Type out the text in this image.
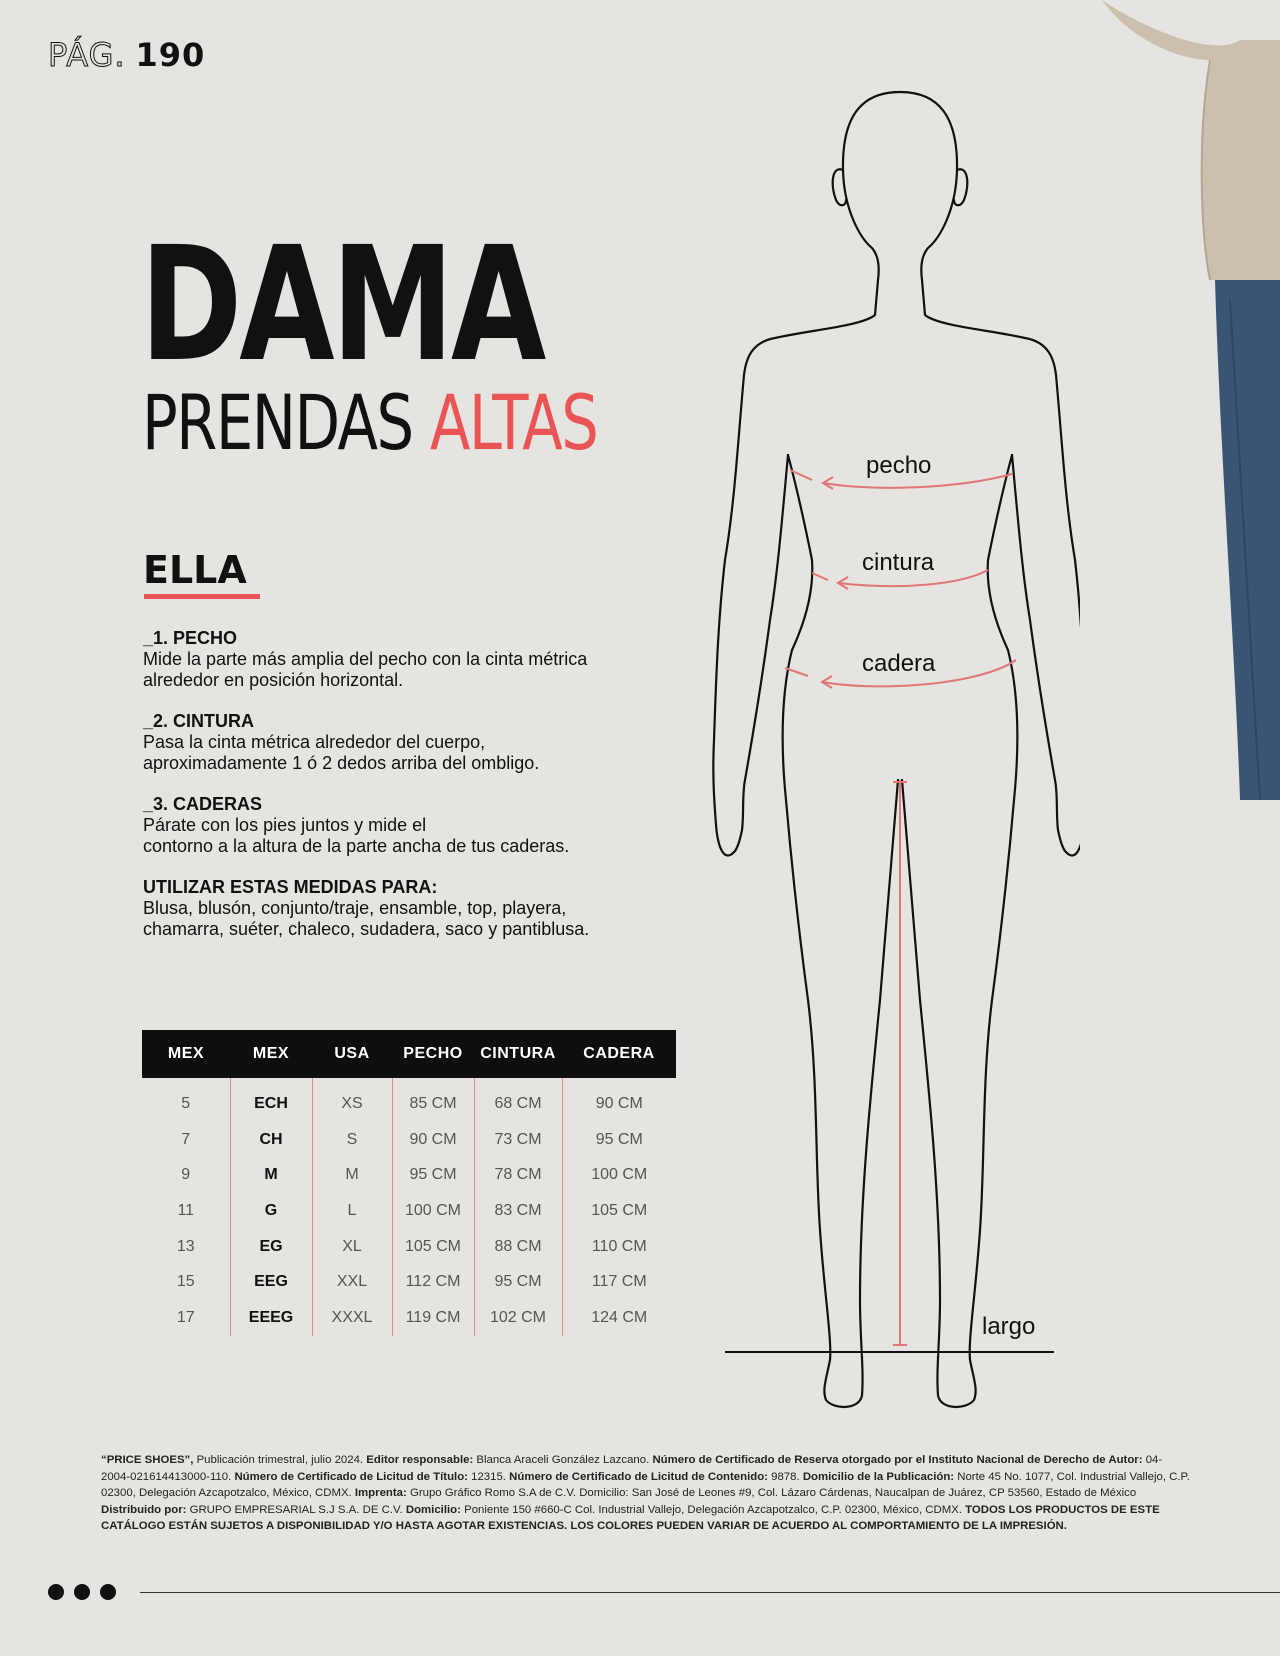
PÁG. 190
DAMA
PRENDAS ALTAS
ELLA
_1. PECHO
Mide la parte más amplia del pecho con la cinta métrica
alrededor en posición horizontal.
_2. CINTURA
Pasa la cinta métrica alrededor del cuerpo,
aproximadamente 1 ó 2 dedos arriba del ombligo.
_3. CADERAS
Párate con los pies juntos y mide el
contorno a la altura de la parte ancha de tus caderas.
UTILIZAR ESTAS MEDIDAS PARA:
Blusa, blusón, conjunto/traje, ensamble, top, playera,
chamarra, suéter, chaleco, sudadera, saco y pantiblusa.
MEX	MEX	USA	PECHO	CINTURA	CADERA
5	ECH	XS	85 CM	68 CM	90 CM
7	CH	S	90 CM	73 CM	95 CM
9	M	M	95 CM	78 CM	100 CM
11	G	L	100 CM	83 CM	105 CM
13	EG	XL	105 CM	88 CM	110 CM
15	EEG	XXL	112 CM	95 CM	117 CM
17	EEEG	XXXL	119 CM	102 CM	124 CM
pecho
cintura
cadera
largo
“PRICE SHOES”, Publicación trimestral, julio 2024. Editor responsable: Blanca Araceli González Lazcano. Número de Certificado de Reserva otorgado por el Instituto Nacional de Derecho de Autor: 04-2004-021614413000-110. Número de Certificado de Licitud de Título: 12315. Número de Certificado de Licitud de Contenido: 9878. Domicilio de la Publicación: Norte 45 No. 1077, Col. Industrial Vallejo, C.P. 02300, Delegación Azcapotzalco, México, CDMX. Imprenta: Grupo Gráfico Romo S.A de C.V. Domicilio: San José de Leones #9, Col. Lázaro Cárdenas, Naucalpan de Juárez, CP 53560, Estado de México Distribuido por: GRUPO EMPRESARIAL S.J S.A. DE C.V. Domicilio: Poniente 150 #660-C Col. Industrial Vallejo, Delegación Azcapotzalco, C.P. 02300, México, CDMX. TODOS LOS PRODUCTOS DE ESTE CATÁLOGO ESTÁN SUJETOS A DISPONIBILIDAD Y/O HASTA AGOTAR EXISTENCIAS. LOS COLORES PUEDEN VARIAR DE ACUERDO AL COMPORTAMIENTO DE LA IMPRESIÓN.
